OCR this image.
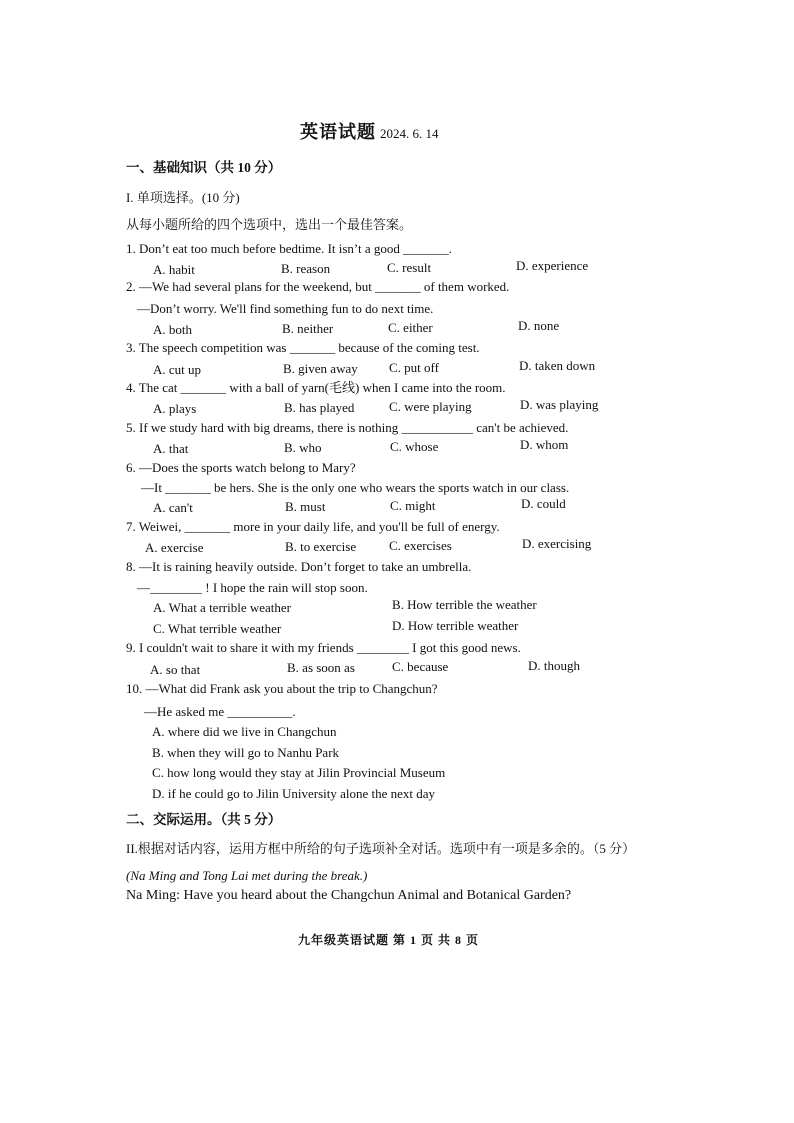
英语试题 2024. 6. 14
一、基础知识（共 10 分）
I. 单项选择。(10 分)
从每小题所给的四个选项中，选出一个最佳答案。
1. Don’t eat too much before bedtime. It isn’t a good _______.
A. habit	B. reason	C. result	D. experience
2. —We had several plans for the weekend, but _______ of them worked.
—Don’t worry. We'll find something fun to do next time.
A. both	B. neither	C. either	D. none
3. The speech competition was _______ because of the coming test.
A. cut up	B. given away C. put off	D. taken down
4. The cat _______ with a ball of yarn(毛线) when I came into the room.
A. plays	B. has played	C. were playing	D. was playing
5. If we study hard with big dreams, there is nothing ___________ can't be achieved.
A. that	B. who	C. whose	D. whom
6. —Does the sports watch belong to Mary?
—It _______ be hers. She is the only one who wears the sports watch in our class.
A. can't	B. must	C. might	D. could
7. Weiwei, _______ more in your daily life, and you'll be full of energy.
A. exercise	B. to exercise	C. exercises	D. exercising
8. —It is raining heavily outside. Don’t forget to take an umbrella.
—________ ! I hope the rain will stop soon.
A. What a terrible weather	B. How terrible the weather
C. What terrible weather	D. How terrible weather
9. I couldn't wait to share it with my friends ________ I got this good news.
A. so that	B. as soon as	C. because	D. though
10. —What did Frank ask you about the trip to Changchun?
—He asked me __________.
A. where did we live in Changchun
B. when they will go to Nanhu Park
C. how long would they stay at Jilin Provincial Museum
D. if he could go to Jilin University alone the next day
二、交际运用。（共 5 分）
II.根据对话内容，运用方框中所给的句子选项补全对话。选项中有一项是多余的。（5 分）
(Na Ming and Tong Lai met during the break.)
Na Ming: Have you heard about the Changchun Animal and Botanical Garden?
九年级英语试题 第 1 页 共 8 页
